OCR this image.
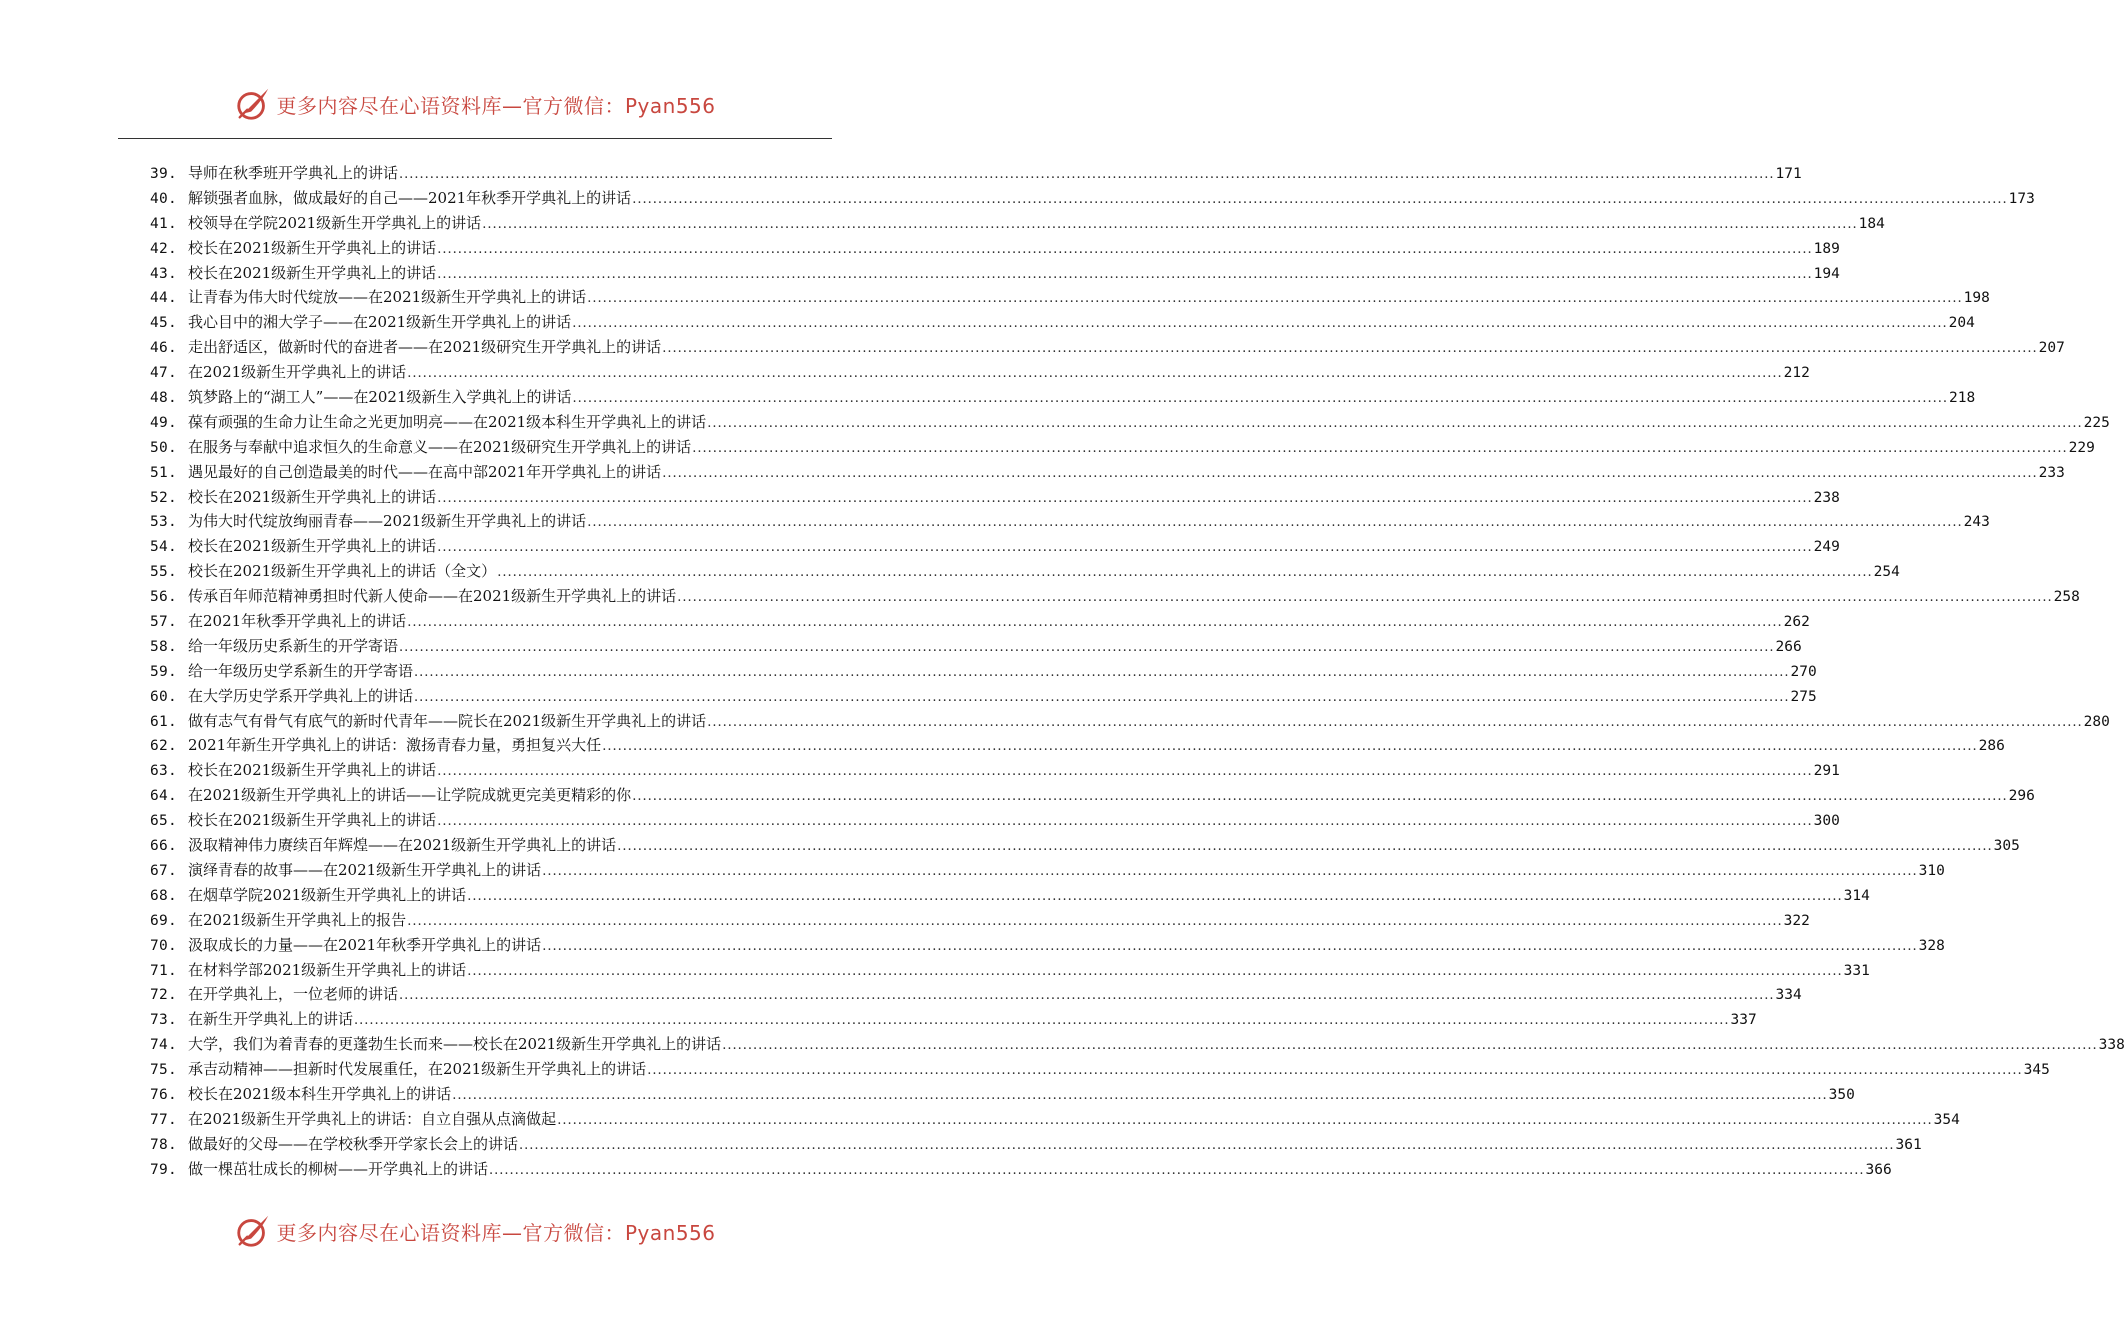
更多内容尽在心语资料库—官方微信：Pyan556
39. 导师在秋季班开学典礼上的讲话 .....	171
40. 解锁强者血脉，做成最好的自己——2021年秋季开学典礼上的讲话 .....	173
41. 校领导在学院2021级新生开学典礼上的讲话 .....	184
42. 校长在2021级新生开学典礼上的讲话 .....	189
43. 校长在2021级新生开学典礼上的讲话 .....	194
44. 让青春为伟大时代绽放——在2021级新生开学典礼上的讲话 .....	198
45. 我心目中的湘大学子——在2021级新生开学典礼上的讲话 .....	204
46. 走出舒适区，做新时代的奋进者——在2021级研究生开学典礼上的讲话 .....	207
47. 在2021级新生开学典礼上的讲话 .....	212
48. 筑梦路上的“湖工人”——在2021级新生入学典礼上的讲话 .....	218
49. 葆有顽强的生命力让生命之光更加明亮——在2021级本科生开学典礼上的讲话 .....	225
50. 在服务与奉献中追求恒久的生命意义——在2021级研究生开学典礼上的讲话 .....	229
51. 遇见最好的自己创造最美的时代——在高中部2021年开学典礼上的讲话 .....	233
52. 校长在2021级新生开学典礼上的讲话 .....	238
53. 为伟大时代绽放绚丽青春——2021级新生开学典礼上的讲话 .....	243
54. 校长在2021级新生开学典礼上的讲话 .....	249
55. 校长在2021级新生开学典礼上的讲话（全文） .....	254
56. 传承百年师范精神勇担时代新人使命——在2021级新生开学典礼上的讲话 .....	258
57. 在2021年秋季开学典礼上的讲话 .....	262
58. 给一年级历史系新生的开学寄语 .....	266
59. 给一年级历史学系新生的开学寄语 .....	270
60. 在大学历史学系开学典礼上的讲话 .....	275
61. 做有志气有骨气有底气的新时代青年——院长在2021级新生开学典礼上的讲话 .....	280
62. 2021年新生开学典礼上的讲话：激扬青春力量，勇担复兴大任 .....	286
63. 校长在2021级新生开学典礼上的讲话 .....	291
64. 在2021级新生开学典礼上的讲话——让学院成就更完美更精彩的你 .....	296
65. 校长在2021级新生开学典礼上的讲话 .....	300
66. 汲取精神伟力赓续百年辉煌——在2021级新生开学典礼上的讲话 .....	305
67. 演绎青春的故事——在2021级新生开学典礼上的讲话 .....	310
68. 在烟草学院2021级新生开学典礼上的讲话 .....	314
69. 在2021级新生开学典礼上的报告 .....	322
70. 汲取成长的力量——在2021年秋季开学典礼上的讲话 .....	328
71. 在材料学部2021级新生开学典礼上的讲话 .....	331
72. 在开学典礼上，一位老师的讲话 .....	334
73. 在新生开学典礼上的讲话 .....	337
74. 大学，我们为着青春的更蓬勃生长而来——校长在2021级新生开学典礼上的讲话 .....	338
75. 承吉动精神——担新时代发展重任，在2021级新生开学典礼上的讲话 .....	345
76. 校长在2021级本科生开学典礼上的讲话 .....	350
77. 在2021级新生开学典礼上的讲话：自立自强从点滴做起 .....	354
78. 做最好的父母——在学校秋季开学家长会上的讲话 .....	361
79. 做一棵茁壮成长的柳树——开学典礼上的讲话 .....	366
更多内容尽在心语资料库—官方微信：Pyan556
